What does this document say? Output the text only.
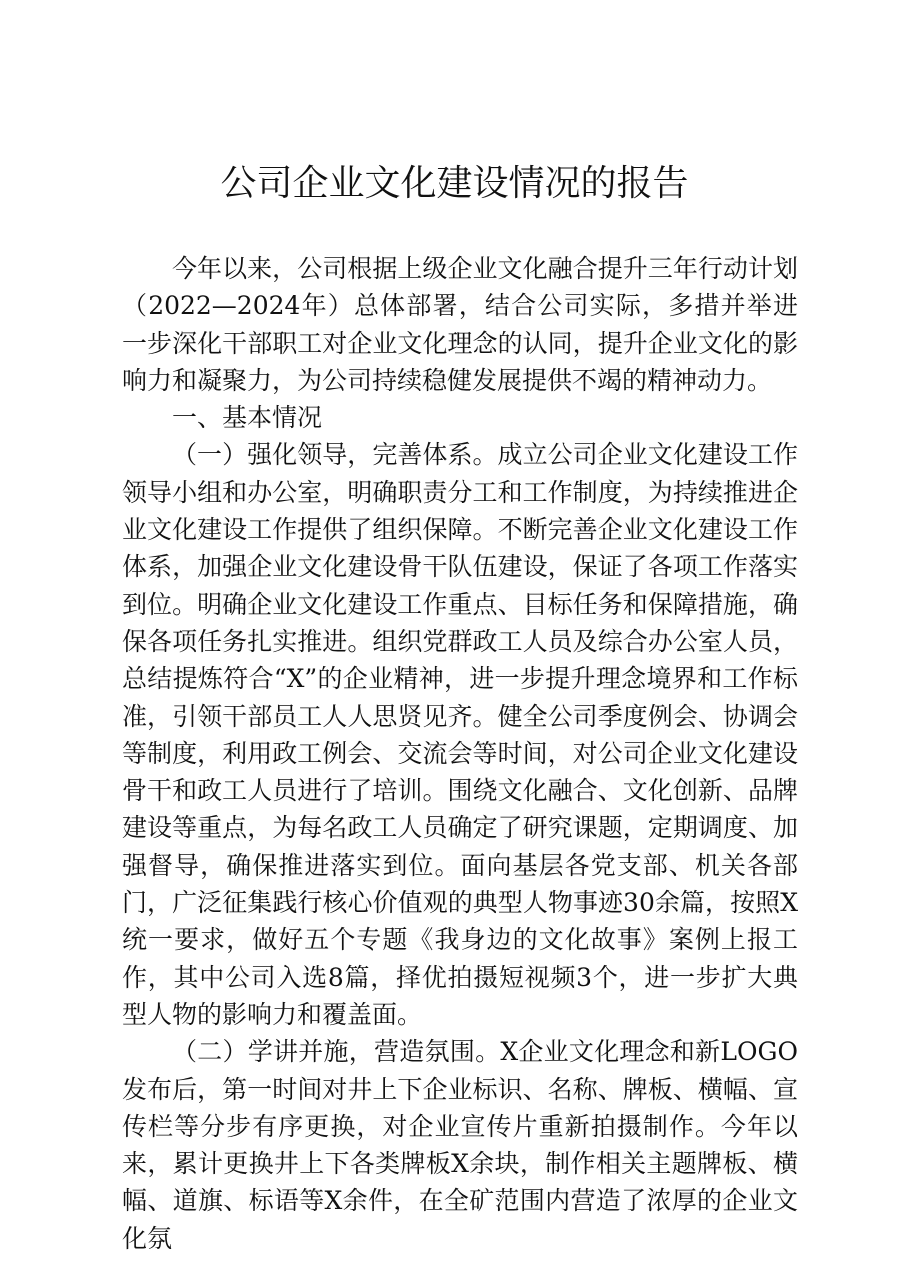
公司企业文化建设情况的报告

今年以来，公司根据上级企业文化融合提升三年行动计划（2022—2024年）总体部署，结合公司实际，多措并举进一步深化干部职工对企业文化理念的认同，提升企业文化的影响力和凝聚力，为公司持续稳健发展提供不竭的精神动力。

一、基本情况

（一）强化领导，完善体系。成立公司企业文化建设工作领导小组和办公室，明确职责分工和工作制度，为持续推进企业文化建设工作提供了组织保障。不断完善企业文化建设工作体系，加强企业文化建设骨干队伍建设，保证了各项工作落实到位。明确企业文化建设工作重点、目标任务和保障措施，确保各项任务扎实推进。组织党群政工人员及综合办公室人员，总结提炼符合“X”的企业精神，进一步提升理念境界和工作标准，引领干部员工人人思贤见齐。健全公司季度例会、协调会等制度，利用政工例会、交流会等时间，对公司企业文化建设骨干和政工人员进行了培训。围绕文化融合、文化创新、品牌建设等重点，为每名政工人员确定了研究课题，定期调度、加强督导，确保推进落实到位。面向基层各党支部、机关各部门，广泛征集践行核心价值观的典型人物事迹30余篇，按照X统一要求，做好五个专题《我身边的文化故事》案例上报工作，其中公司入选8篇，择优拍摄短视频3个，进一步扩大典型人物的影响力和覆盖面。

（二）学讲并施，营造氛围。X企业文化理念和新LOGO发布后，第一时间对井上下企业标识、名称、牌板、横幅、宣传栏等分步有序更换，对企业宣传片重新拍摄制作。今年以来，累计更换井上下各类牌板X余块，制作相关主题牌板、横幅、道旗、标语等X余件，在全矿范围内营造了浓厚的企业文化氛
